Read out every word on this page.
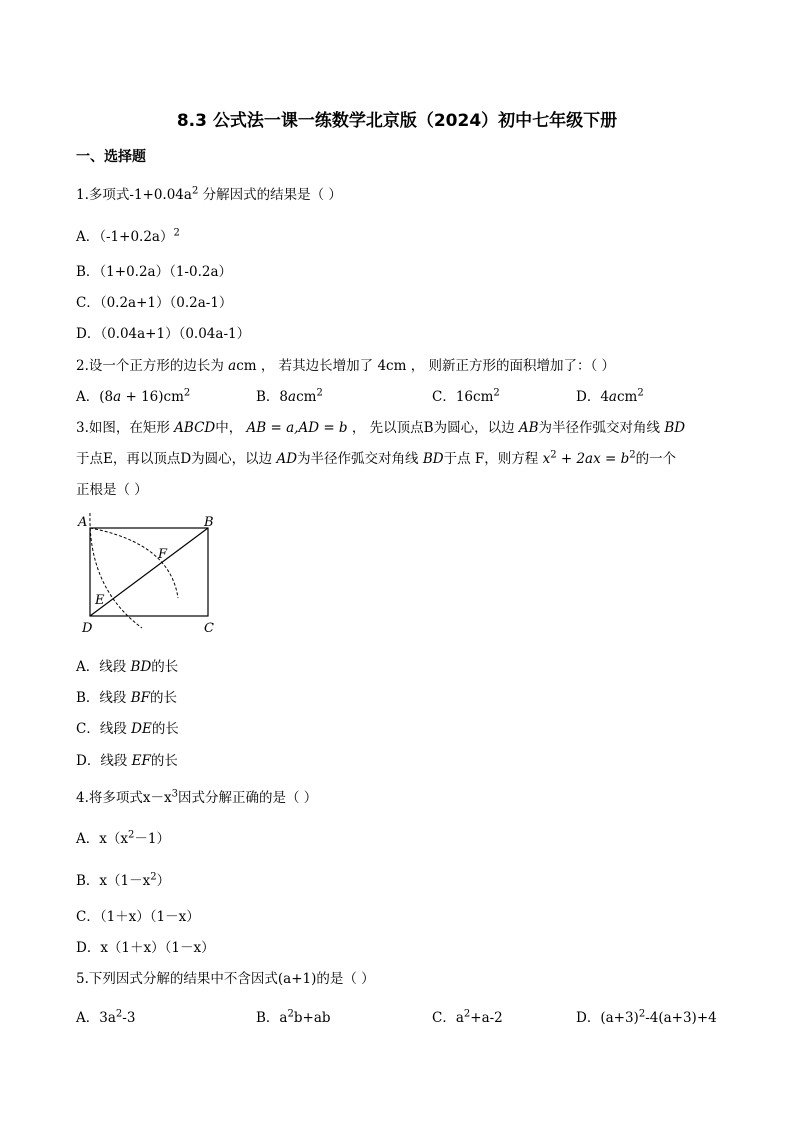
8.3 公式法一课一练数学北京版（2024）初中七年级下册
一、选择题
1.多项式$-1+0.04a^2$ 分解因式的结果是（ ）
A．$(-1+0.2a)^2$
B．（1+0.2a）（1-0.2a）
C．（0.2a+1）（0.2a-1）
D．（0.04a+1）（0.04a-1）
2.设一个正方形的边长为 acm ， 若其边长增加了 4cm ， 则新正方形的面积增加了：（ ）
A．$(8a + 16)cm^2$	B．8acm$^2$	C．$16cm^2$	D．4acm$^2$
3.如图，在矩形 ABCD中， AB = a,AD = b ， 先以顶点B为圆心，以边 AB为半径作弧交对角线 BD
于点E，再以顶点D为圆心，以边 AD为半径作弧交对角线 BD于点 F，则方程 $x^2 + 2ax = b^2$的一个
正根是（ ）
A	B
C
D
E
F
A．线段 BD的长
B．线段 BF的长
C．线段 DE的长
D．线段 EF的长
4.将多项式$x-x^3$因式分解正确的是（ ）
A．$x(x^2-1)$
B．$x(1-x^2)$
C．（1＋x）（1－x）
D．x（1＋x）（1－x）
5.下列因式分解的结果中不含因式(a+1)的是（ ）
A．$3a^2-3$	B．$a^2b+ab$	C．$a^2+a-2$	D．$(a+3)^2-4(a+3)+4$
